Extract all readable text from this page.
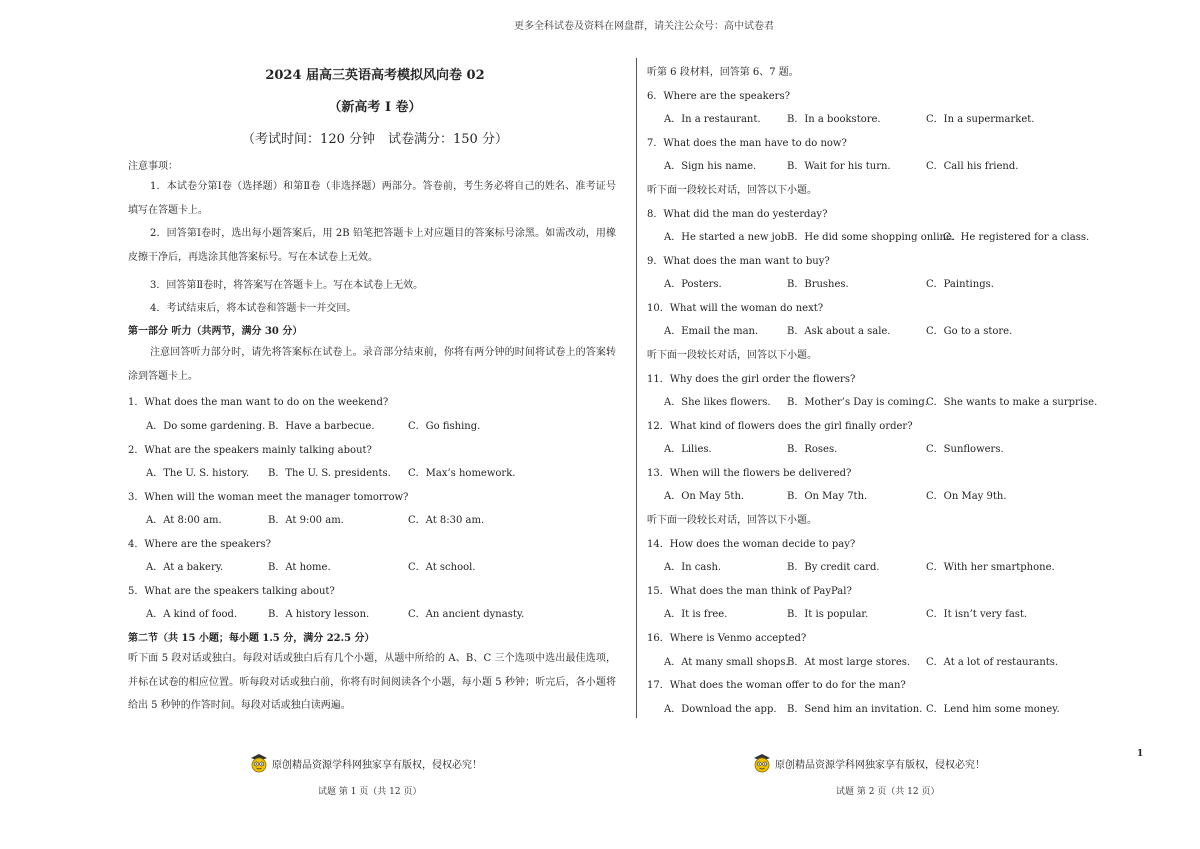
更多全科试卷及资料在网盘群，请关注公众号：高中试卷君
2024 届高三英语高考模拟风向卷 02
（新高考 I 卷）
（考试时间：120 分钟　试卷满分：150 分）
注意事项：
1．本试卷分第Ⅰ卷（选择题）和第Ⅱ卷（非选择题）两部分。答卷前，考生务必将自己的姓名、准考证号填写在答题卡上。
2．回答第Ⅰ卷时，选出每小题答案后，用 2B 铅笔把答题卡上对应题目的答案标号涂黑。如需改动，用橡皮擦干净后，再选涂其他答案标号。写在本试卷上无效。
3．回答第Ⅱ卷时，将答案写在答题卡上。写在本试卷上无效。
4．考试结束后，将本试卷和答题卡一并交回。
第一部分 听力（共两节，满分 30 分）
注意回答听力部分时，请先将答案标在试卷上。录音部分结束前，你将有两分钟的时间将试卷上的答案转涂到答题卡上。
1．What does the man want to do on the weekend?
A．Do some gardening. B．Have a barbecue.	C．Go fishing.
2．What are the speakers mainly talking about?
A．The U. S. history. B．The U. S. presidents. C．Max’s homework.
3．When will the woman meet the manager tomorrow?
A．At 8:00 am.	B．At 9:00 am.	C．At 8:30 am.
4．Where are the speakers?
A．At a bakery.	B．At home.	C．At school.
5．What are the speakers talking about?
A．A kind of food.	B．A history lesson.	C．An ancient dynasty.
第二节（共 15 小题；每小题 1.5 分，满分 22.5 分）
听下面 5 段对话或独白。每段对话或独白后有几个小题，从题中所给的 A、B、C 三个选项中选出最佳选项，并标在试卷的相应位置。听每段对话或独白前，你将有时间阅读各个小题，每小题 5 秒钟；听完后，各小题将给出 5 秒钟的作答时间。每段对话或独白读两遍。
听第 6 段材料，回答第 6、7 题。
6．Where are the speakers?
A．In a restaurant.	B．In a bookstore.	C．In a supermarket.
7．What does the man have to do now?
A．Sign his name.	B．Wait for his turn.	C．Call his friend.
听下面一段较长对话，回答以下小题。
8．What did the man do yesterday?
A．He started a new job.
B．He did some shopping online.
C．He registered for a class.
9．What does the man want to buy?
A．Posters.	B．Brushes.	C．Paintings.
10．What will the woman do next?
A．Email the man.	B．Ask about a sale.	C．Go to a store.
听下面一段较长对话，回答以下小题。
11．Why does the girl order the flowers?
A．She likes flowers. B．Mother’s Day is coming.
C．She wants to make a surprise.
12．What kind of flowers does the girl finally order?
A．Lilies.	B．Roses.	C．Sunflowers.
13．When will the flowers be delivered?
A．On May 5th.	B．On May 7th.	C．On May 9th.
听下面一段较长对话，回答以下小题。
14．How does the woman decide to pay?
A．In cash.	B．By credit card.	C．With her smartphone.
15．What does the man think of PayPal?
A．It is free.	B．It is popular.	C．It isn’t very fast.
16．Where is Venmo accepted?
A．At many small shops.
B．At most large stores. C．At a lot of restaurants.
17．What does the woman offer to do for the man?
A．Download the app. B．Send him an invitation. C．Lend him some money.
原创精品资源学科网独家享有版权，侵权必究！	原创精品资源学科网独家享有版权，侵权必究！
试题 第 1 页（共 12 页）	试题 第 2 页（共 12 页）
1
